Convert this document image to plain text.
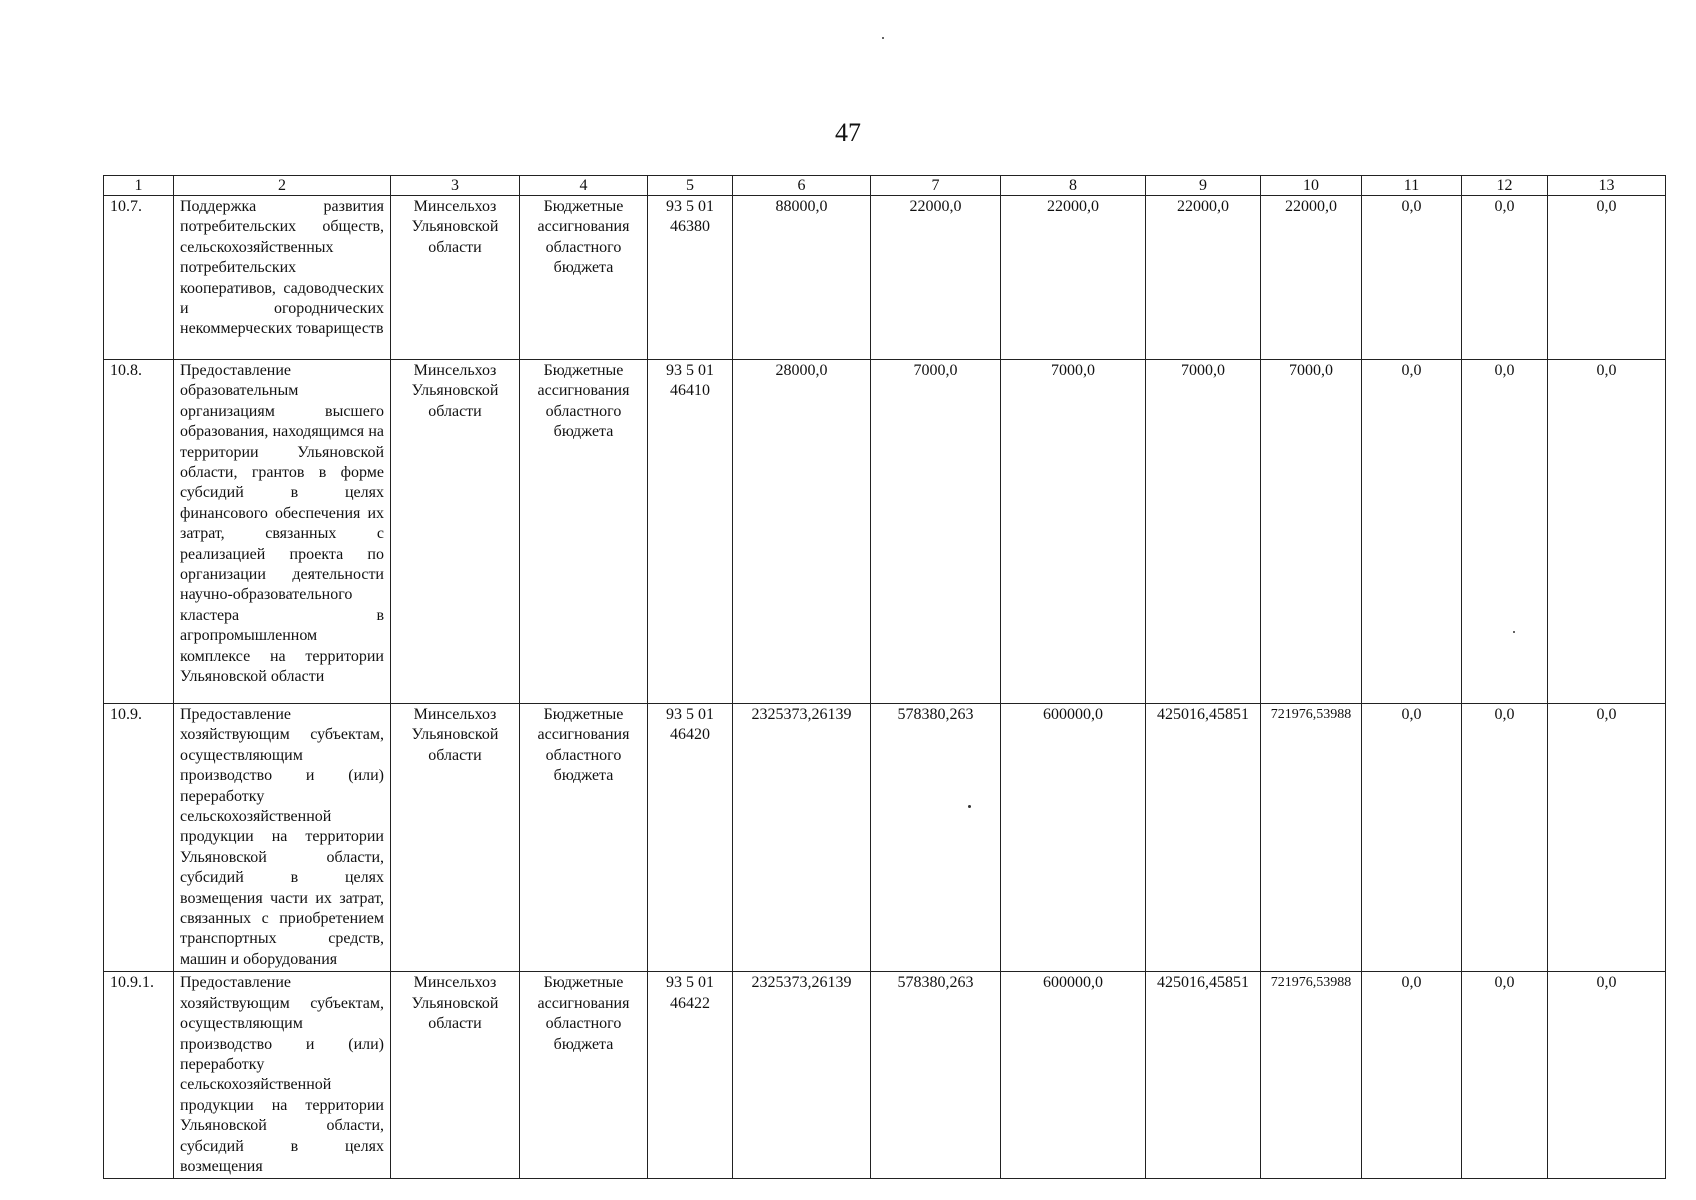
47
1	2	3	4	5	6	7	8	9	10	11	12	13
10.7.	Поддержка развития потребительских обществ, сельскохозяйственных потребительских кооперативов, садоводческих и огороднических некоммерческих товариществ	Минсельхоз Ульяновской области	Бюджетные ассигнования областного бюджета	93 5 01 46380	88000,0	22000,0	22000,0	22000,0	22000,0	0,0	0,0	0,0
10.8.	Предоставление образовательным организациям высшего образования, находящимся на территории Ульяновской области, грантов в форме субсидий в целях финансового обеспечения их затрат, связанных с реализацией проекта по организации деятельности научно-образовательного кластера в агропромышленном комплексе на территории Ульяновской области	Минсельхоз Ульяновской области	Бюджетные ассигнования областного бюджета	93 5 01 46410	28000,0	7000,0	7000,0	7000,0	7000,0	0,0	0,0	0,0
10.9.	Предоставление хозяйствующим субъектам, осуществляющим производство и (или) переработку сельскохозяйственной продукции на территории Ульяновской области, субсидий в целях возмещения части их затрат, связанных с приобретением транспортных средств, машин и оборудования	Минсельхоз Ульяновской области	Бюджетные ассигнования областного бюджета	93 5 01 46420	2325373,26139	578380,263	600000,0	425016,45851	721976,53988	0,0	0,0	0,0
10.9.1.	Предоставление хозяйствующим субъектам, осуществляющим производство и (или) переработку сельскохозяйственной продукции на территории Ульяновской области, субсидий в целях возмещения	Минсельхоз Ульяновской области	Бюджетные ассигнования областного бюджета	93 5 01 46422	2325373,26139	578380,263	600000,0	425016,45851	721976,53988	0,0	0,0	0,0
